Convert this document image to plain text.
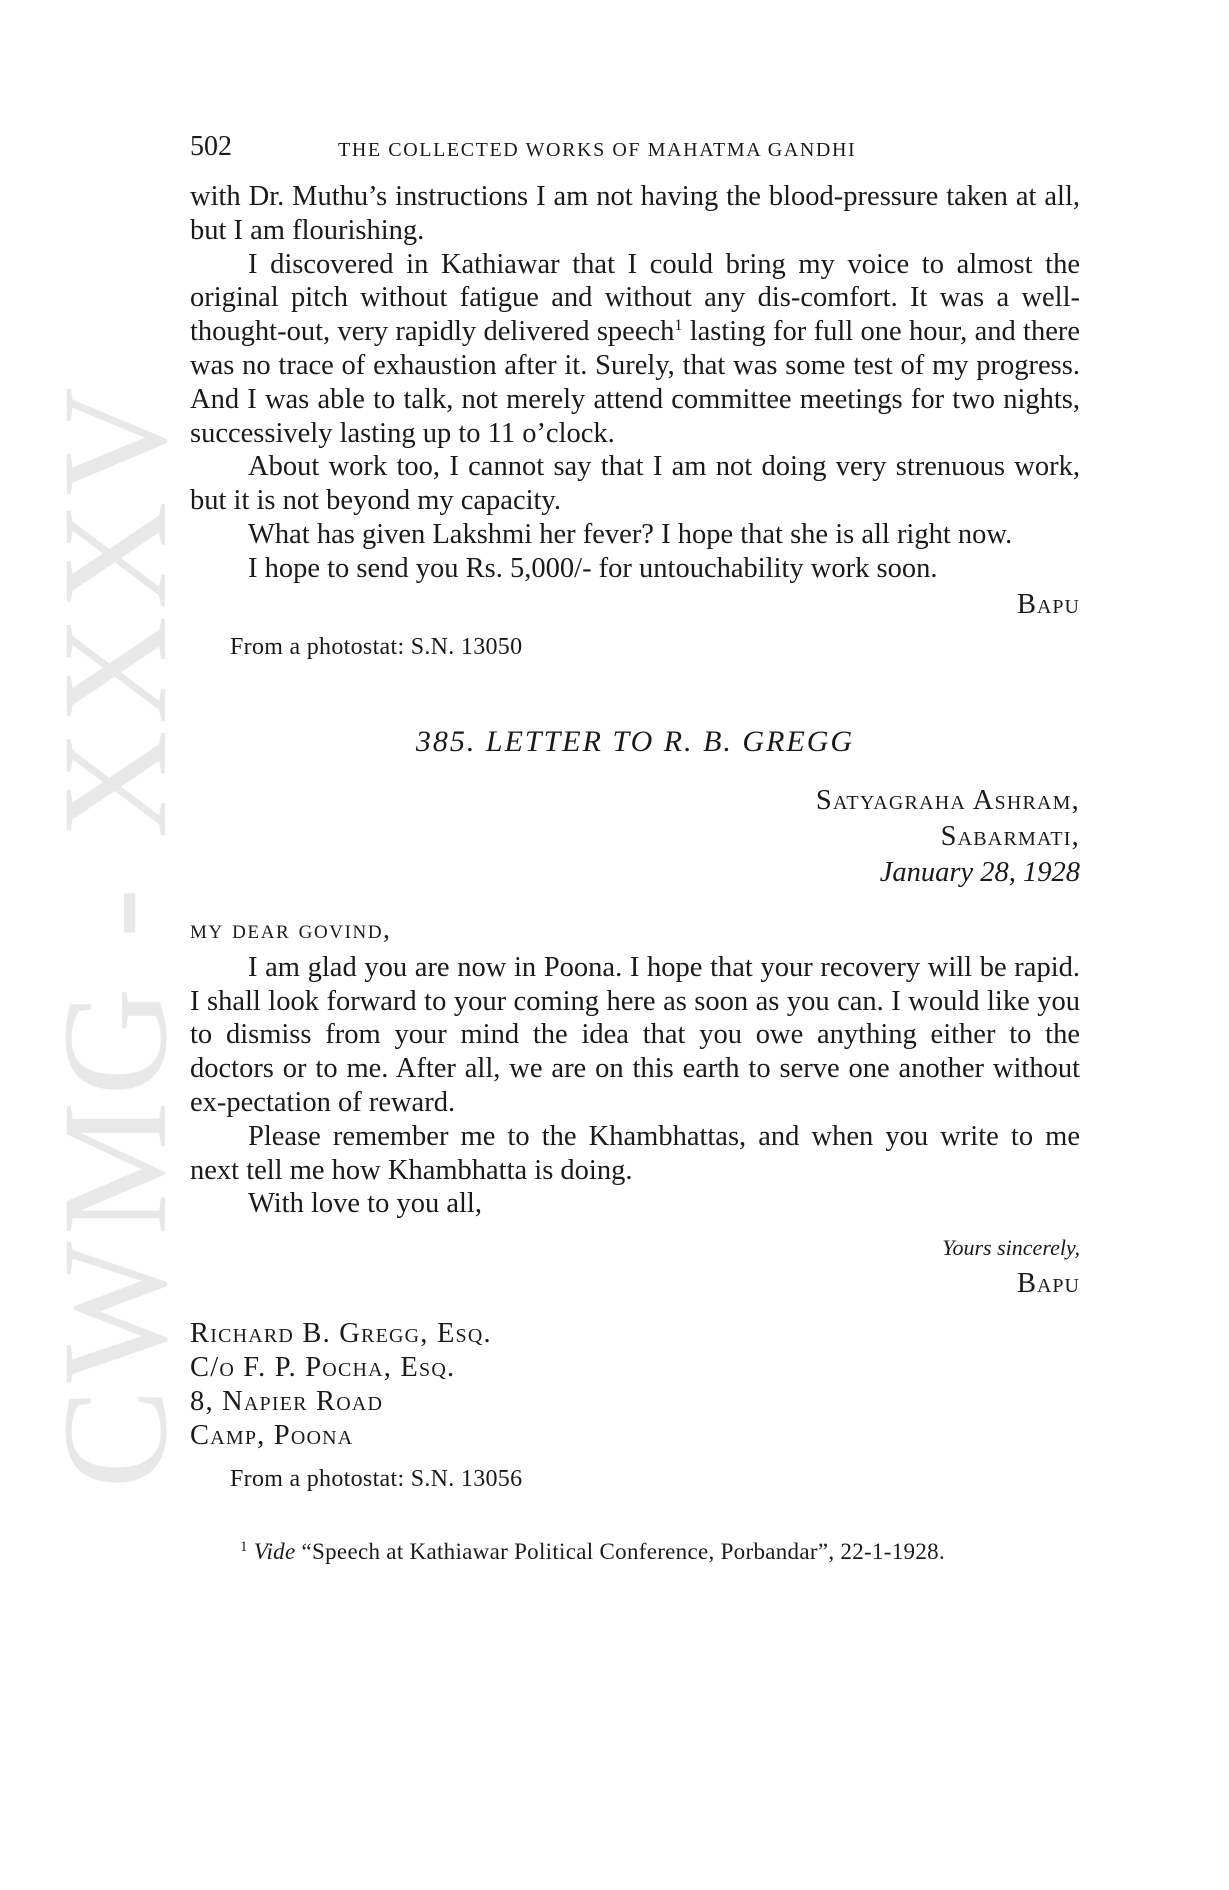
CWMG - XXXV
502	THE COLLECTED WORKS OF MAHATMA GANDHI

with Dr. Muthu’s instructions I am not having the blood-pressure taken at all, but I am flourishing.

I discovered in Kathiawar that I could bring my voice to almost the original pitch without fatigue and without any dis-comfort. It was a well-thought-out, very rapidly delivered speech$^1$ lasting for full one hour, and there was no trace of exhaustion after it. Surely, that was some test of my progress. And I was able to talk, not merely attend committee meetings for two nights, successively lasting up to 11 o’clock.

About work too, I cannot say that I am not doing very strenuous work, but it is not beyond my capacity.

What has given Lakshmi her fever? I hope that she is all right now.

I hope to send you Rs. 5,000/- for untouchability work soon.

Bapu
From a photostat: S.N. 13050
385. LETTER TO R. B. GREGG
Satyagraha Ashram,
Sabarmati,
January 28, 1928
my dear govind,

I am glad you are now in Poona. I hope that your recovery will be rapid. I shall look forward to your coming here as soon as you can. I would like you to dismiss from your mind the idea that you owe anything either to the doctors or to me. After all, we are on this earth to serve one another without ex-pectation of reward.

Please remember me to the Khambhattas, and when you write to me next tell me how Khambhatta is doing.

With love to you all,

Yours sincerely,
Bapu
Richard B. Gregg, Esq.
C/o F. P. Pocha, Esq.
8, Napier Road
Camp, Poona
From a photostat: S.N. 13056
$^1$ Vide “Speech at Kathiawar Political Conference, Porbandar”, 22-1-1928.
